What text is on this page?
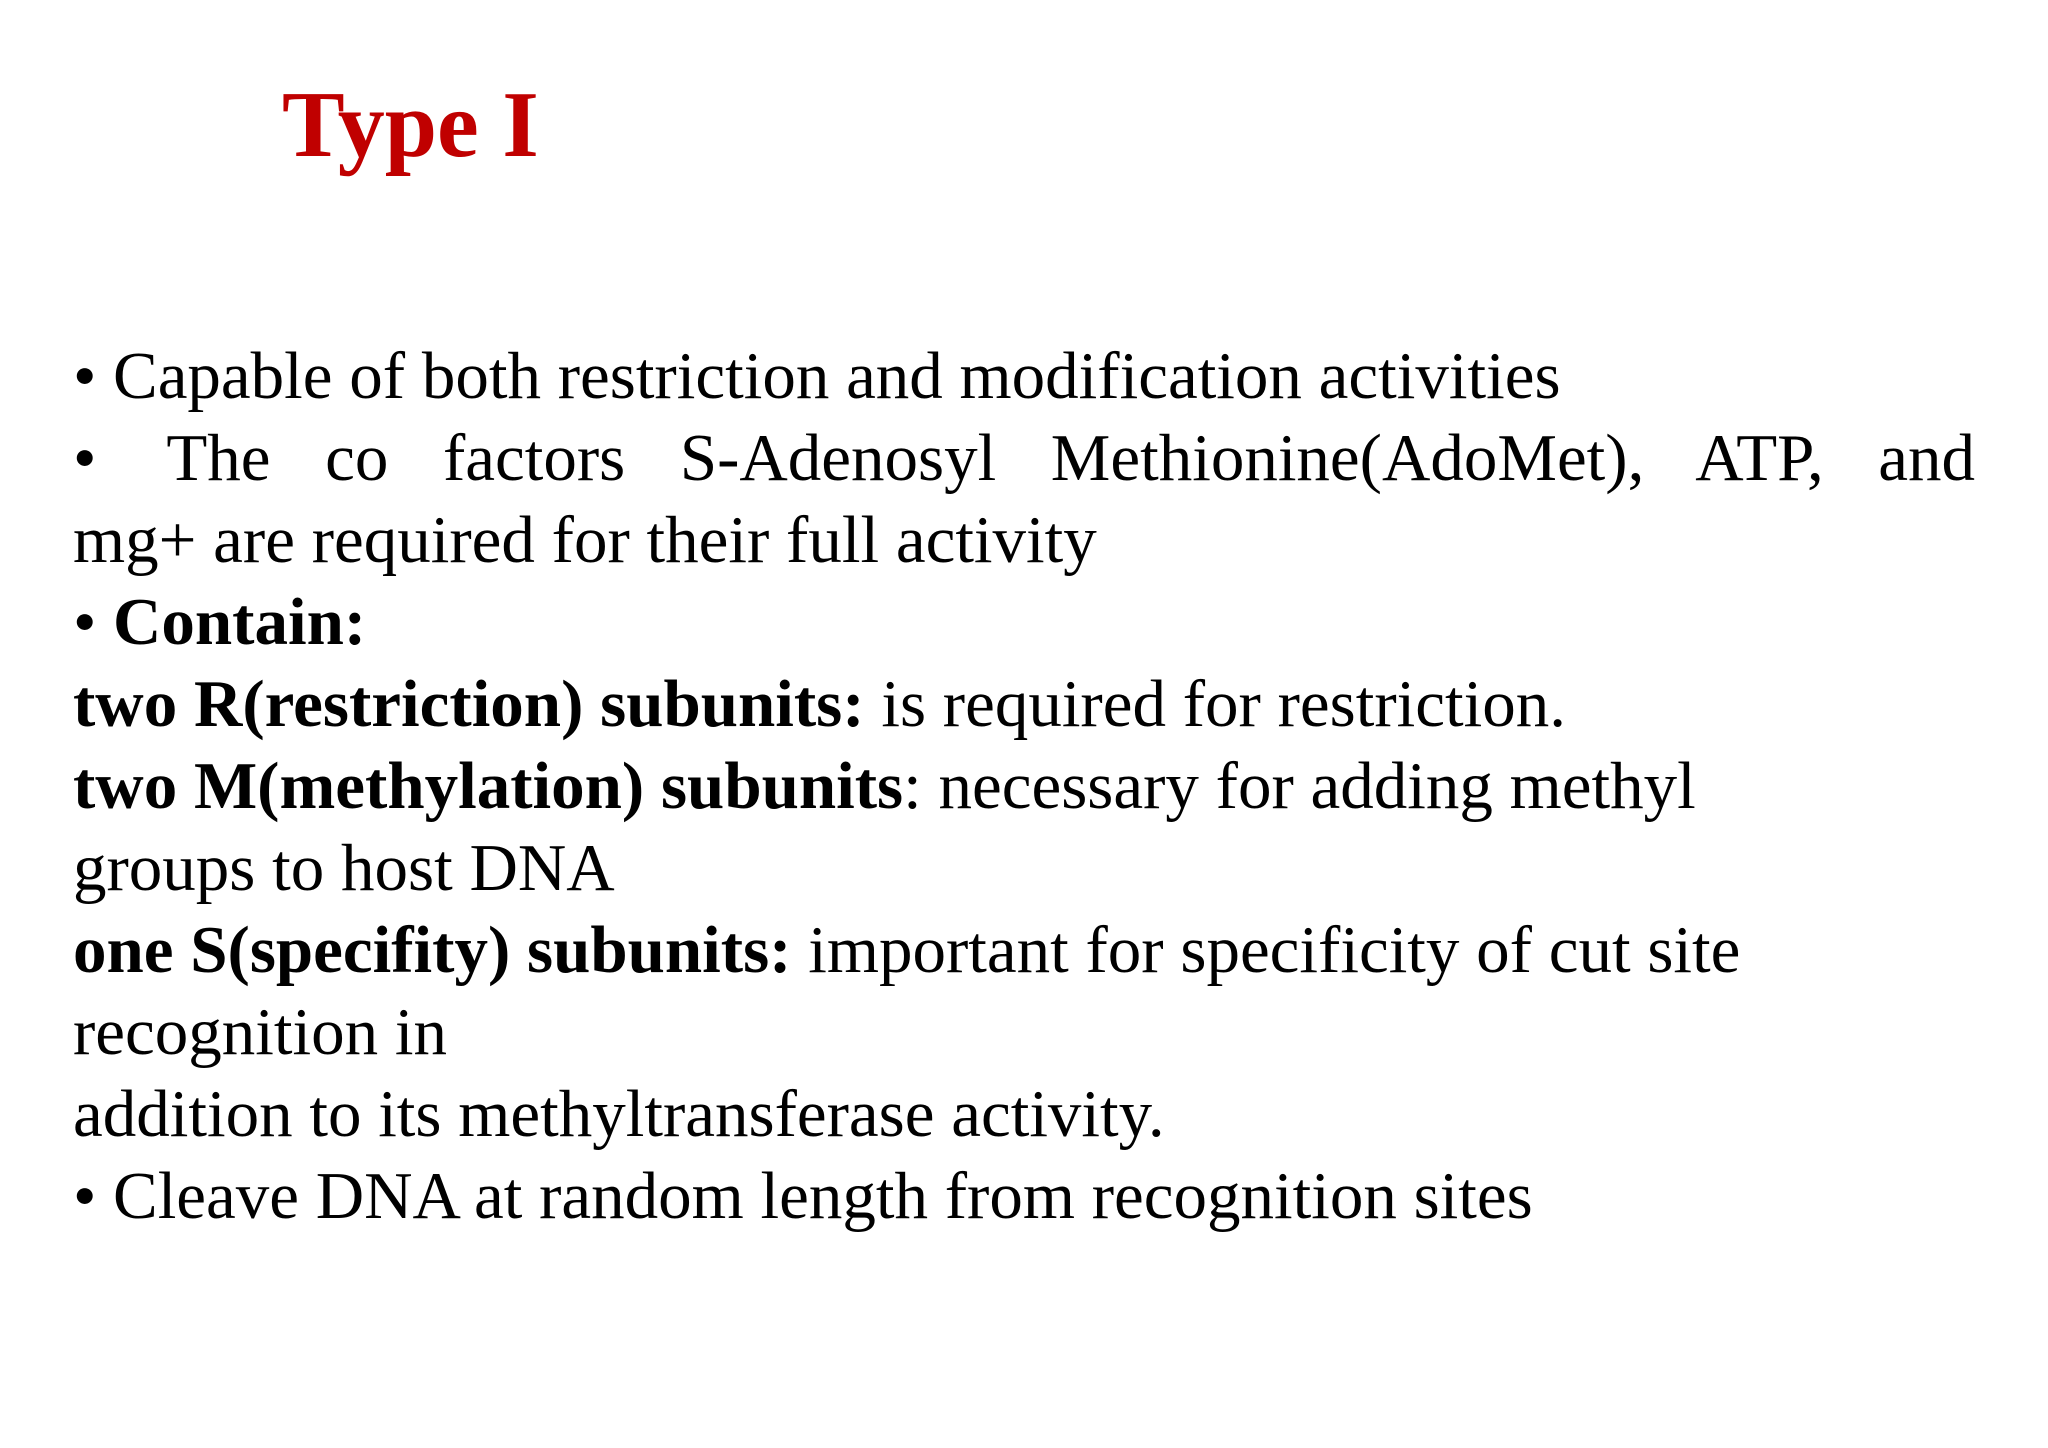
Type I
• Capable of both restriction and modification activities
• The co factors S-Adenosyl Methionine(AdoMet), ATP, and
mg+ are required for their full activity
• Contain:
two R(restriction) subunits: is required for restriction.
two M(methylation) subunits: necessary for adding methyl
groups to host DNA
one S(specifity) subunits: important for specificity of cut site
recognition in
addition to its methyltransferase activity.
• Cleave DNA at random length from recognition sites
